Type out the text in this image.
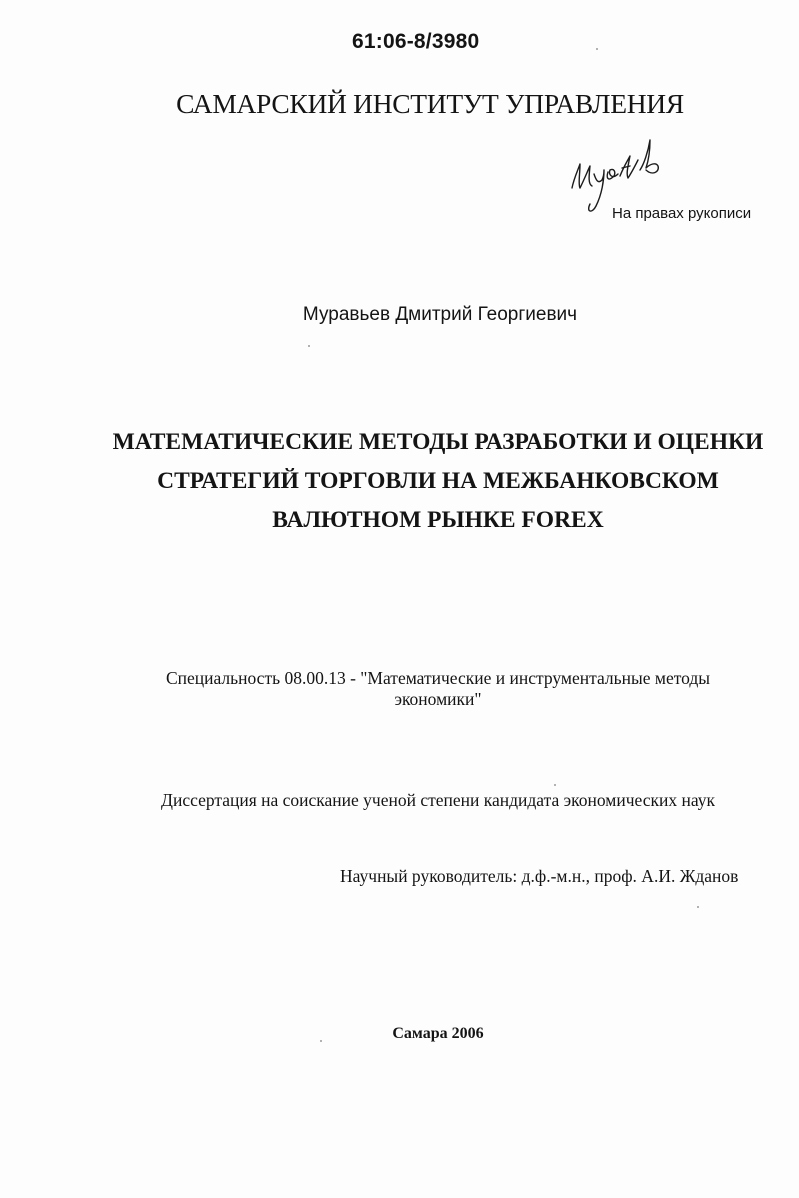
61:06-8/3980
САМАРСКИЙ ИНСТИТУТ УПРАВЛЕНИЯ
На правах рукописи
Муравьев Дмитрий Георгиевич
МАТЕМАТИЧЕСКИЕ МЕТОДЫ РАЗРАБОТКИ И ОЦЕНКИ
СТРАТЕГИЙ ТОРГОВЛИ НА МЕЖБАНКОВСКОМ
ВАЛЮТНОМ РЫНКЕ FOREX
Специальность 08.00.13 - "Математические и инструментальные методы
экономики"
Диссертация на соискание ученой степени кандидата экономических наук
Научный руководитель: д.ф.-м.н., проф. А.И. Жданов
Самара 2006
